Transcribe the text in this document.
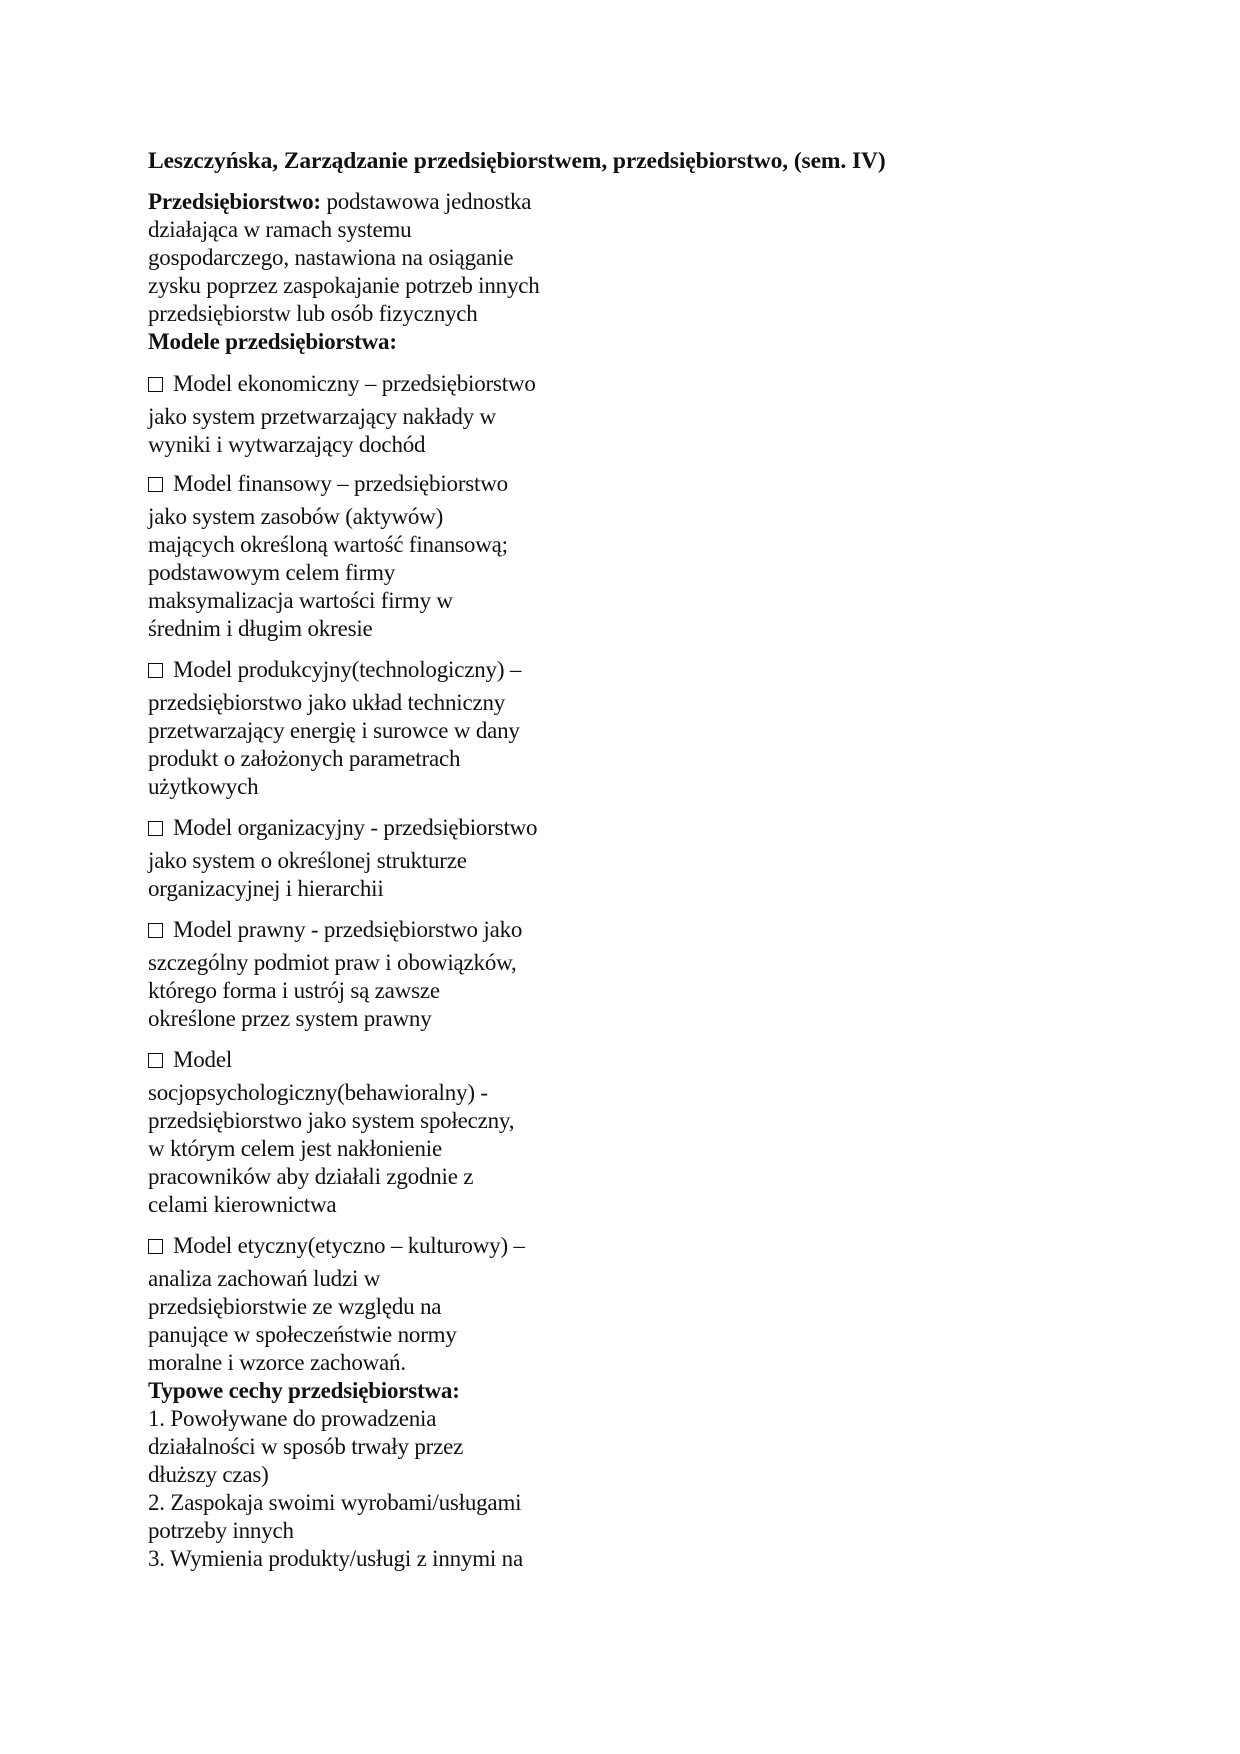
Leszczyńska, Zarządzanie przedsiębiorstwem, przedsiębiorstwo, (sem. IV)
Przedsiębiorstwo: podstawowa jednostka
działająca w ramach systemu
gospodarczego, nastawiona na osiąganie
zysku poprzez zaspokajanie potrzeb innych
przedsiębiorstw lub osób fizycznych
Modele przedsiębiorstwa:
Model ekonomiczny – przedsiębiorstwo
jako system przetwarzający nakłady w
wyniki i wytwarzający dochód
Model finansowy – przedsiębiorstwo
jako system zasobów (aktywów)
mających określoną wartość finansową;
podstawowym celem firmy
maksymalizacja wartości firmy w
średnim i długim okresie
Model produkcyjny(technologiczny) –
przedsiębiorstwo jako układ techniczny
przetwarzający energię i surowce w dany
produkt o założonych parametrach
użytkowych
Model organizacyjny - przedsiębiorstwo
jako system o określonej strukturze
organizacyjnej i hierarchii
Model prawny - przedsiębiorstwo jako
szczególny podmiot praw i obowiązków,
którego forma i ustrój są zawsze
określone przez system prawny
Model
socjopsychologiczny(behawioralny) -
przedsiębiorstwo jako system społeczny,
w którym celem jest nakłonienie
pracowników aby działali zgodnie z
celami kierownictwa
Model etyczny(etyczno – kulturowy) –
analiza zachowań ludzi w
przedsiębiorstwie ze względu na
panujące w społeczeństwie normy
moralne i wzorce zachowań.
Typowe cechy przedsiębiorstwa:
1. Powoływane do prowadzenia
działalności w sposób trwały przez
dłuższy czas)
2. Zaspokaja swoimi wyrobami/usługami
potrzeby innych
3. Wymienia produkty/usługi z innymi na
